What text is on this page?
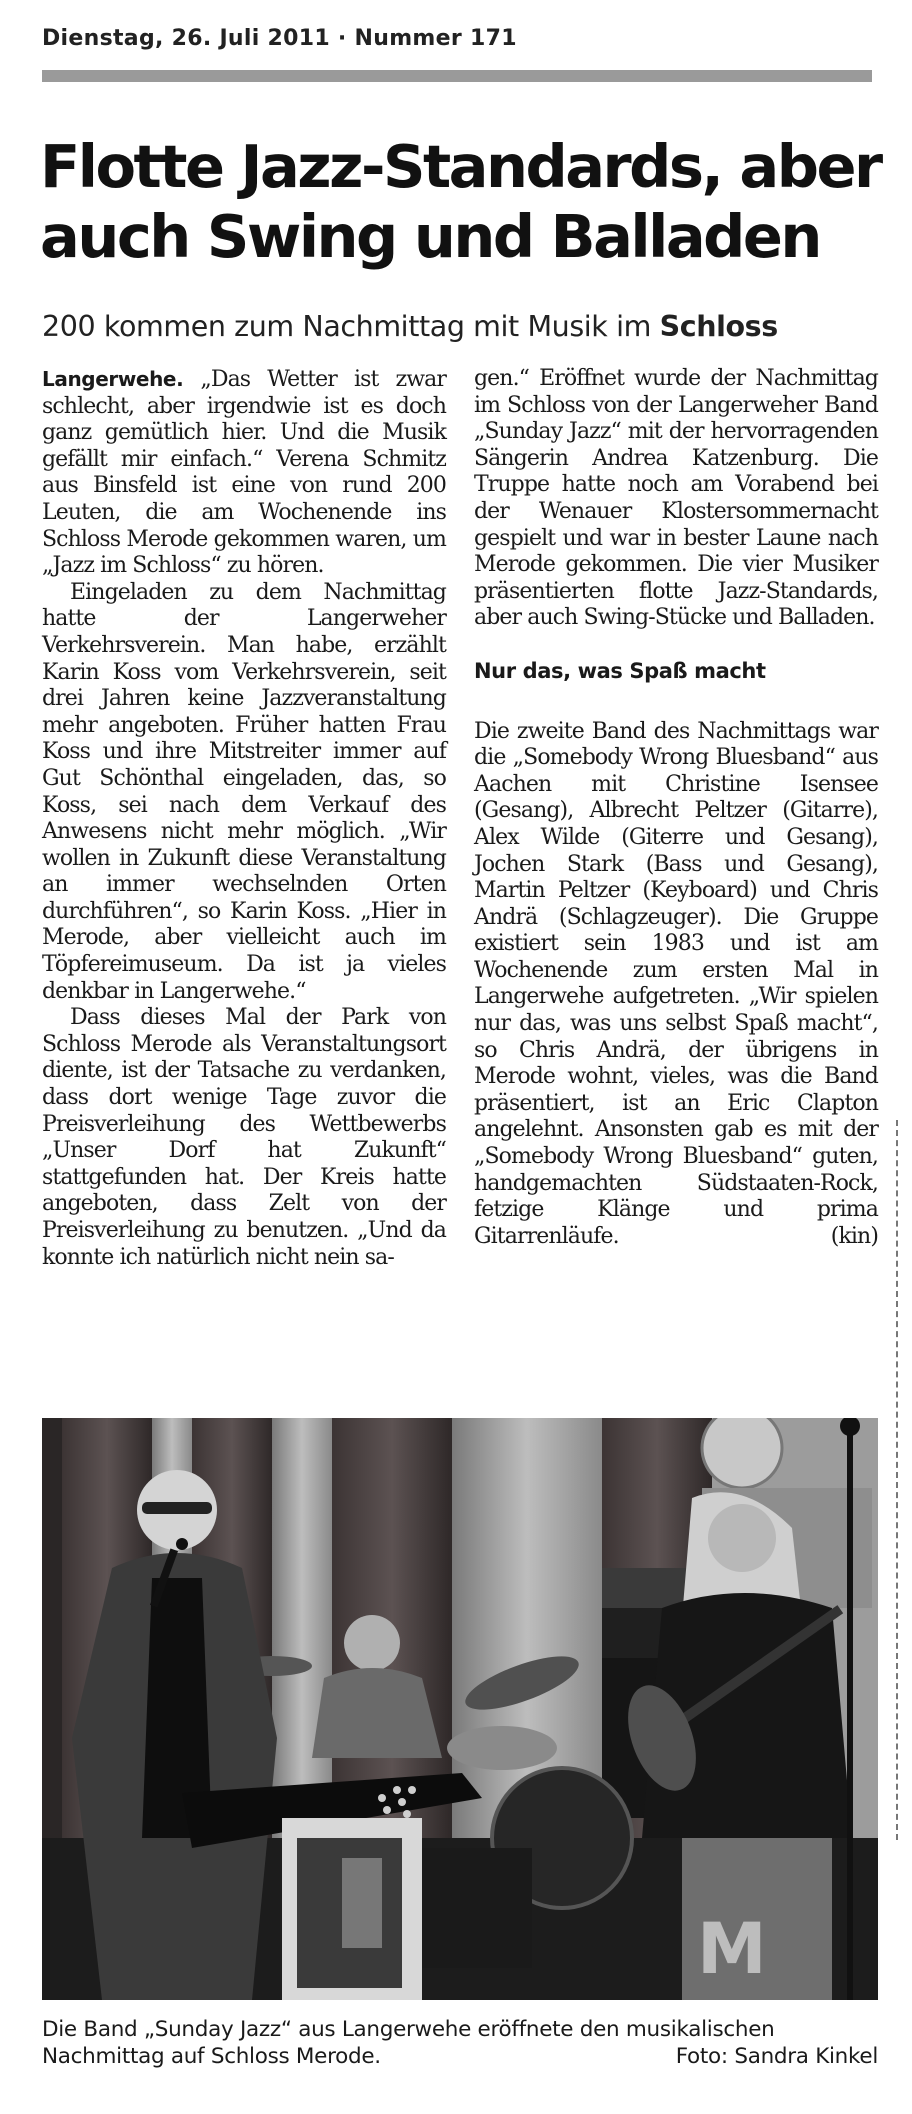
Dienstag, 26. Juli 2011 · Nummer 171
Flotte Jazz-Standards, aber auch Swing und Balladen
200 kommen zum Nachmittag mit Musik im Schloss

Langerwehe. „Das Wetter ist zwar schlecht, aber irgendwie ist es doch ganz gemütlich hier. Und die Musik gefällt mir einfach.“ Verena Schmitz aus Binsfeld ist eine von rund 200 Leuten, die am Wochenende ins Schloss Merode gekommen waren, um „Jazz im Schloss“ zu hören.

Eingeladen zu dem Nachmittag hatte der Langerweher Verkehrsverein. Man habe, erzählt Karin Koss vom Verkehrsverein, seit drei Jahren keine Jazzveranstaltung mehr angeboten. Früher hatten Frau Koss und ihre Mitstreiter immer auf Gut Schönthal eingeladen, das, so Koss, sei nach dem Verkauf des Anwesens nicht mehr möglich. „Wir wollen in Zukunft diese Veranstaltung an immer wechselnden Orten durchführen“, so Karin Koss. „Hier in Merode, aber vielleicht auch im Töpfereimuseum. Da ist ja vieles denkbar in Langerwehe.“

Dass dieses Mal der Park von Schloss Merode als Veranstaltungsort diente, ist der Tatsache zu verdanken, dass dort wenige Tage zuvor die Preisverleihung des Wettbewerbs „Unser Dorf hat Zukunft“ stattgefunden hat. Der Kreis hatte angeboten, dass Zelt von der Preisverleihung zu benutzen. „Und da konnte ich natürlich nicht nein sa-

gen.“ Eröffnet wurde der Nachmittag im Schloss von der Langerweher Band „Sunday Jazz“ mit der hervorragenden Sängerin Andrea Katzenburg. Die Truppe hatte noch am Vorabend bei der Wenauer Klostersommernacht gespielt und war in bester Laune nach Merode gekommen. Die vier Musiker präsentierten flotte Jazz-Standards, aber auch Swing-Stücke und Balladen.

Nur das, was Spaß macht

Die zweite Band des Nachmittags war die „Somebody Wrong Bluesband“ aus Aachen mit Christine Isensee (Gesang), Albrecht Peltzer (Gitarre), Alex Wilde (Giterre und Gesang), Jochen Stark (Bass und Gesang), Martin Peltzer (Keyboard) und Chris Andrä (Schlagzeuger). Die Gruppe existiert sein 1983 und ist am Wochenende zum ersten Mal in Langerwehe aufgetreten. „Wir spielen nur das, was uns selbst Spaß macht“, so Chris Andrä, der übrigens in Merode wohnt, vieles, was die Band präsentiert, ist an Eric Clapton angelehnt. Ansonsten gab es mit der „Somebody Wrong Bluesband“ guten, handgemachten Südstaaten-Rock, fetzige Klänge und prima Gitarrenläufe.	(kin)

M
Die Band „Sunday Jazz“ aus Langerwehe eröffnete den musikalischen Nachmittag auf Schloss Merode.	Foto: Sandra Kinkel
